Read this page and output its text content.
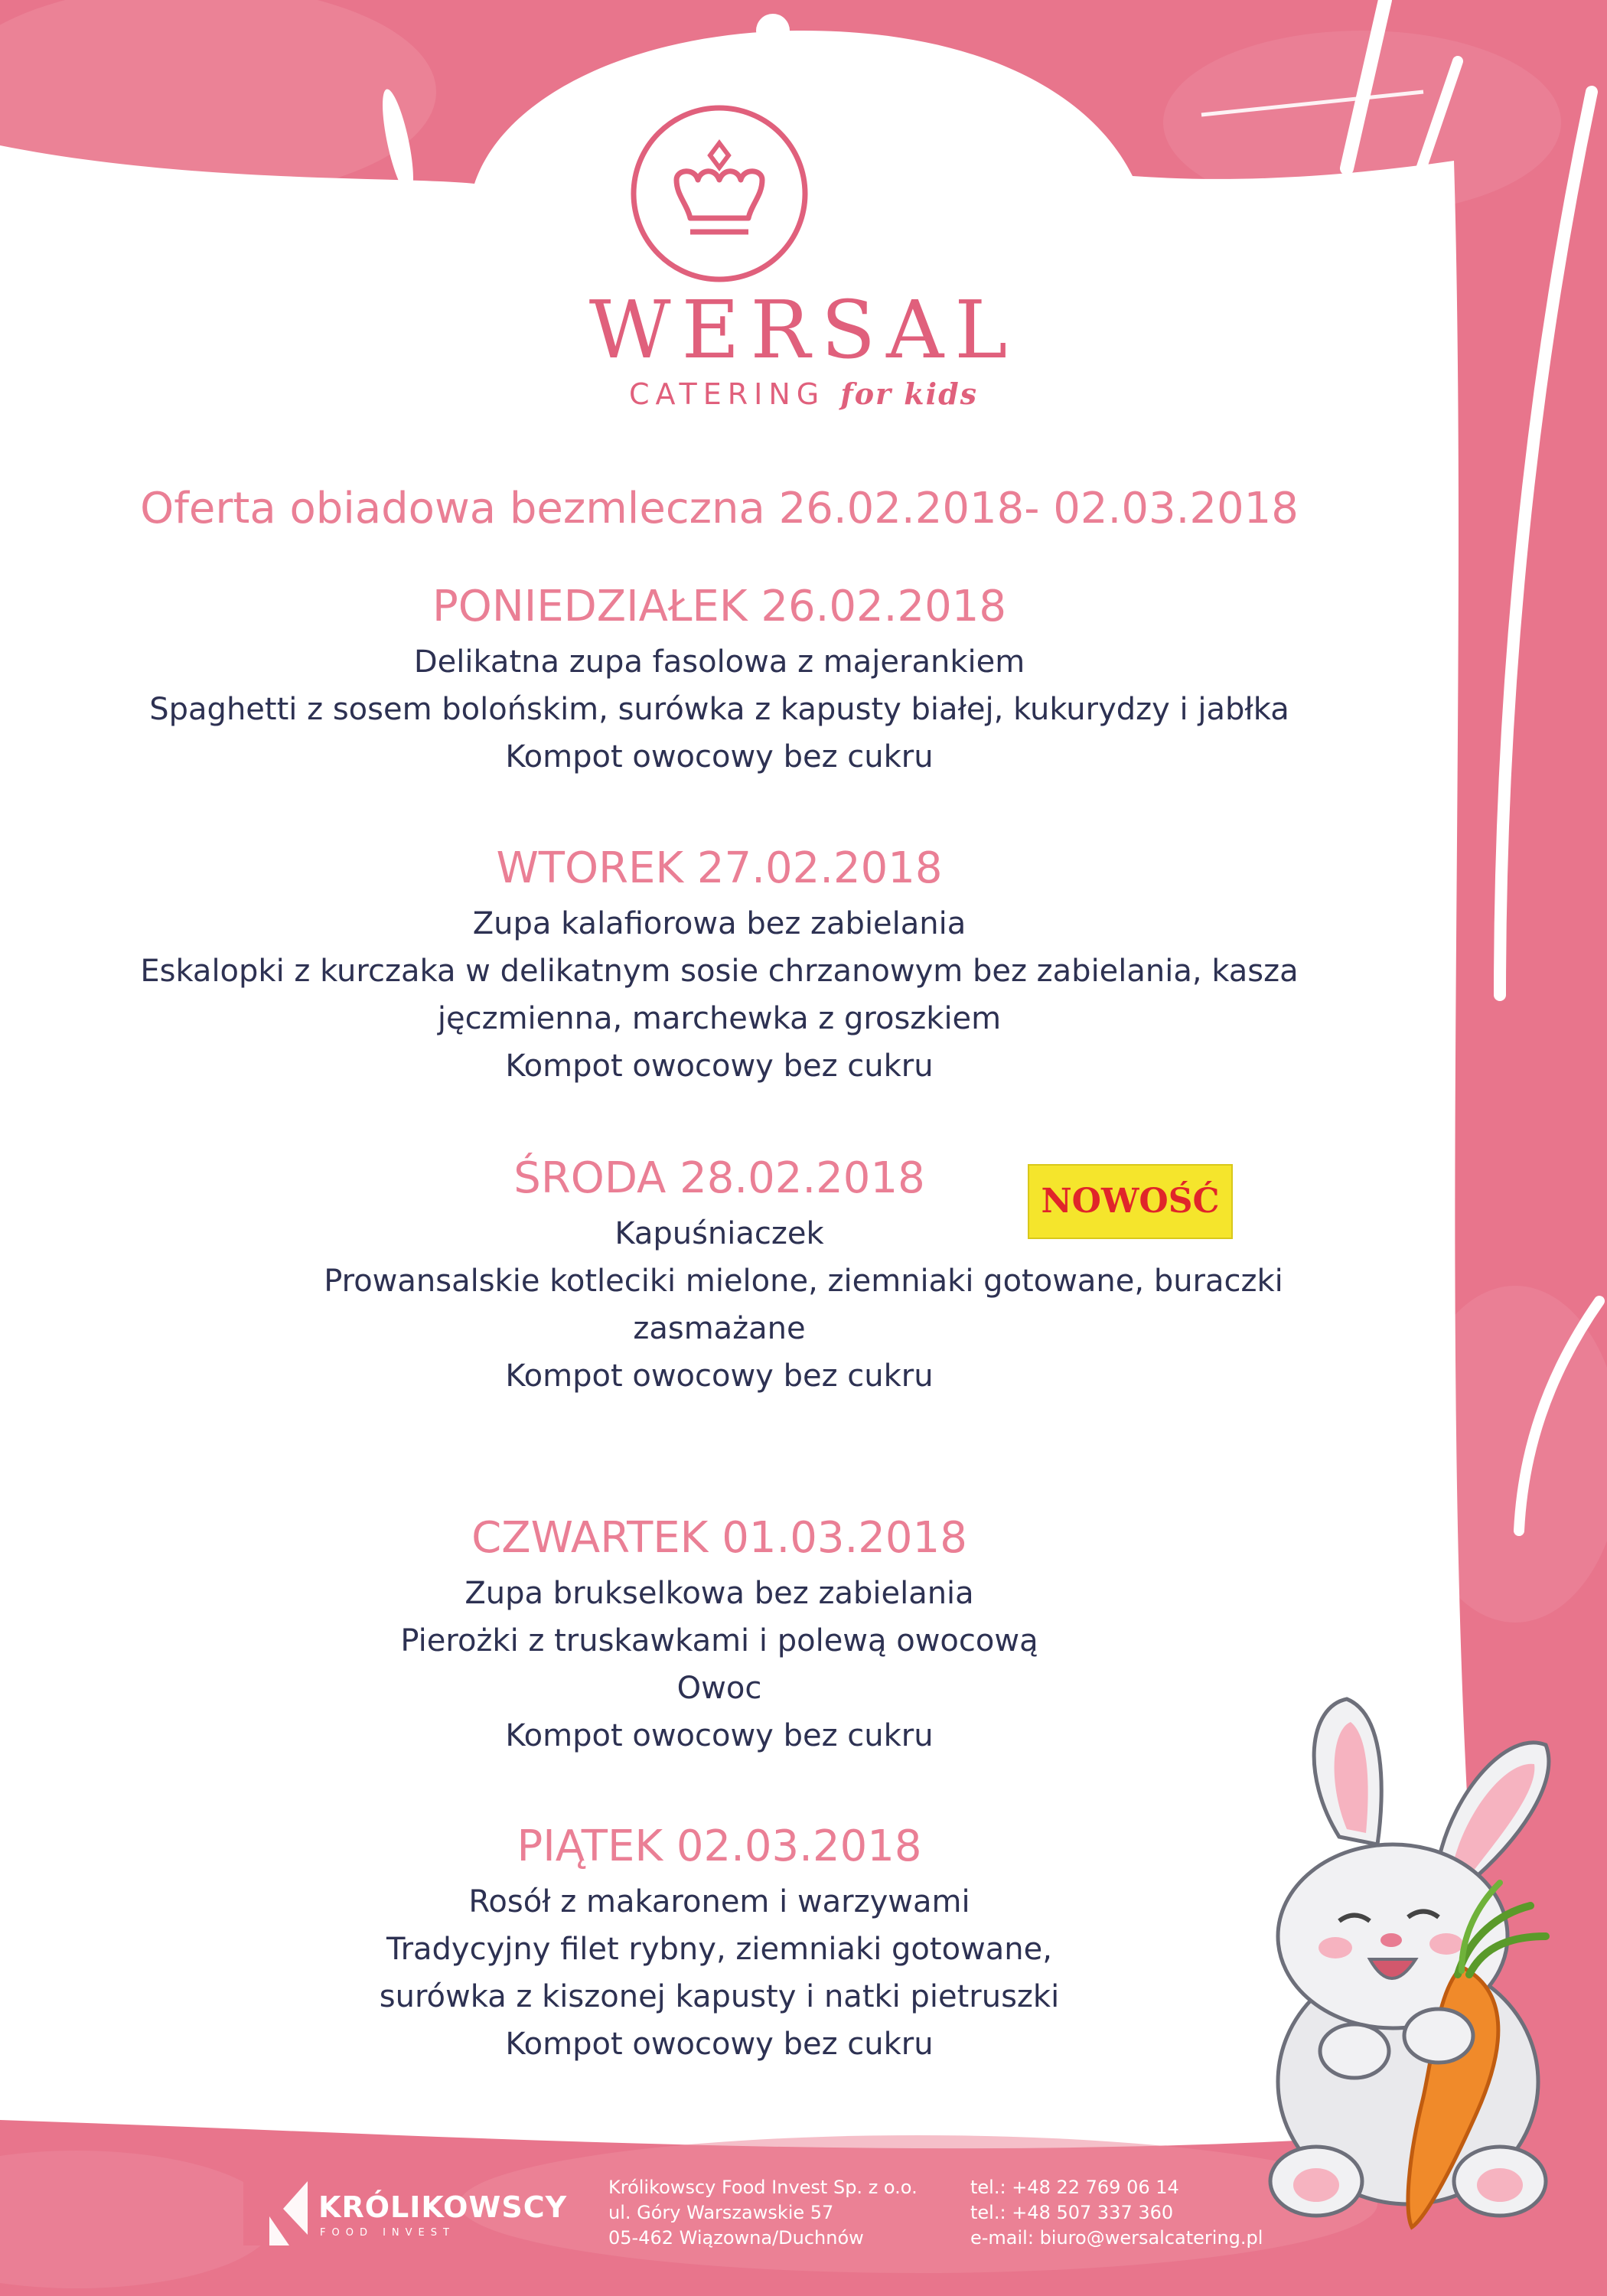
WERSAL
CATERING for kids
Oferta obiadowa bezmleczna 26.02.2018- 02.03.2018
PONIEDZIAŁEK 26.02.2018
Delikatna zupa fasolowa z majerankiem
Spaghetti z sosem bolońskim, surówka z kapusty białej, kukurydzy i jabłka
Kompot owocowy bez cukru
WTOREK 27.02.2018
Zupa kalafiorowa bez zabielania
Eskalopki z kurczaka w delikatnym sosie chrzanowym bez zabielania, kasza
jęczmienna, marchewka z groszkiem
Kompot owocowy bez cukru
ŚRODA 28.02.2018
Kapuśniaczek
Prowansalskie kotleciki mielone, ziemniaki gotowane, buraczki
zasmażane
Kompot owocowy bez cukru
NOWOŚĆ
CZWARTEK 01.03.2018
Zupa brukselkowa bez zabielania
Pierożki z truskawkami i polewą owocową
Owoc
Kompot owocowy bez cukru
PIĄTEK 02.03.2018
Rosół z makaronem i warzywami
Tradycyjny filet rybny, ziemniaki gotowane,
surówka z kiszonej kapusty i natki pietruszki
Kompot owocowy bez cukru
KRÓLIKOWSCY
FOOD INVEST
Królikowscy Food Invest Sp. z o.o.
ul. Góry Warszawskie 57
05-462 Wiązowna/Duchnów
tel.: +48 22 769 06 14
tel.: +48 507 337 360
e-mail: biuro@wersalcatering.pl
